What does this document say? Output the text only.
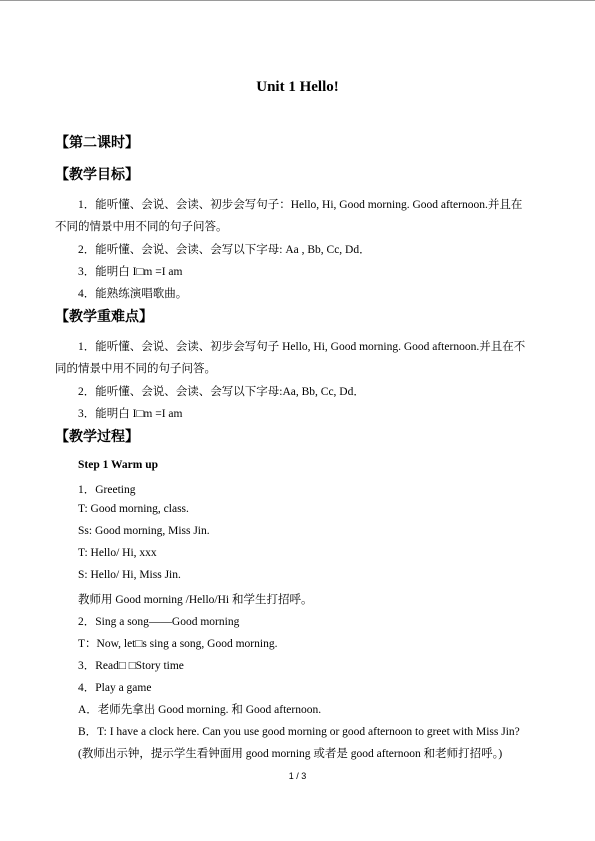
Unit 1 Hello!
【第二课时】
【教学目标】
1．能听懂、会说、会读、初步会写句子：Hello, Hi, Good morning. Good afternoon.并且在
不同的情景中用不同的句子问答。
2．能听懂、会说、会读、会写以下字母: Aa , Bb, Cc, Dd．
3．能明白 I□m =I am
4．能熟练演唱歌曲。
【教学重难点】
1．能听懂、会说、会读、初步会写句子 Hello, Hi, Good morning. Good afternoon.并且在不
同的情景中用不同的句子问答。
2．能听懂、会说、会读、会写以下字母:Aa, Bb, Cc, Dd．
3．能明白 I□m =I am
【教学过程】
Step 1 Warm up
1．Greeting
T: Good morning, class.
Ss: Good morning, Miss Jin.
T: Hello/ Hi, xxx
S: Hello/ Hi, Miss Jin.
教师用 Good morning /Hello/Hi 和学生打招呼。
2．Sing a song——Good morning
T：Now, let□s sing a song, Good morning.
3．Read□ □Story time
4．Play a game
A．老师先拿出 Good morning. 和 Good afternoon.
B．T: I have a clock here. Can you use good morning or good afternoon to greet with Miss Jin?
(教师出示钟，提示学生看钟面用 good morning 或者是 good afternoon 和老师打招呼。)
1 / 3
